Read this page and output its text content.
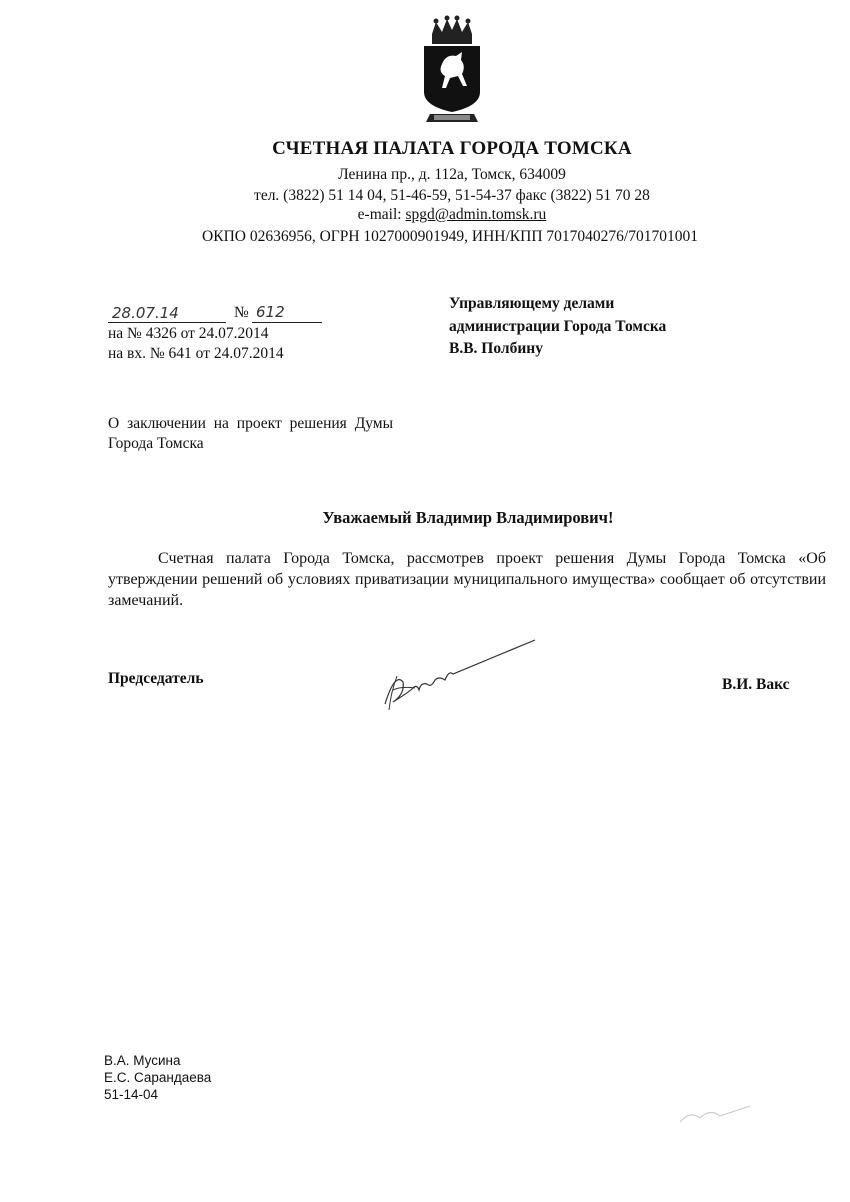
СЧЕТНАЯ ПАЛАТА ГОРОДА ТОМСКА
Ленина пр., д. 112а, Томск, 634009
тел. (3822) 51 14 04, 51-46-59, 51-54-37 факс (3822) 51 70 28
e-mail: spgd@admin.tomsk.ru
ОКПО 02636956, ОГРН 1027000901949, ИНН/КПП 7017040276/701701001
28.07.14	№ 612
на № 4326 от 24.07.2014
на вх. № 641 от 24.07.2014
Управляющему делами
администрации Города Томска
В.В. Полбину
О заключении на проект решения Думы
Города Томска
Уважаемый Владимир Владимирович!
Счетная палата Города Томска, рассмотрев проект решения Думы Города Томска «Об утверждении решений об условиях приватизации муниципального имущества» сообщает об отсутствии замечаний.
Председатель	В.И. Вакс
В.А. Мусина
Е.С. Сарандаева
51-14-04
